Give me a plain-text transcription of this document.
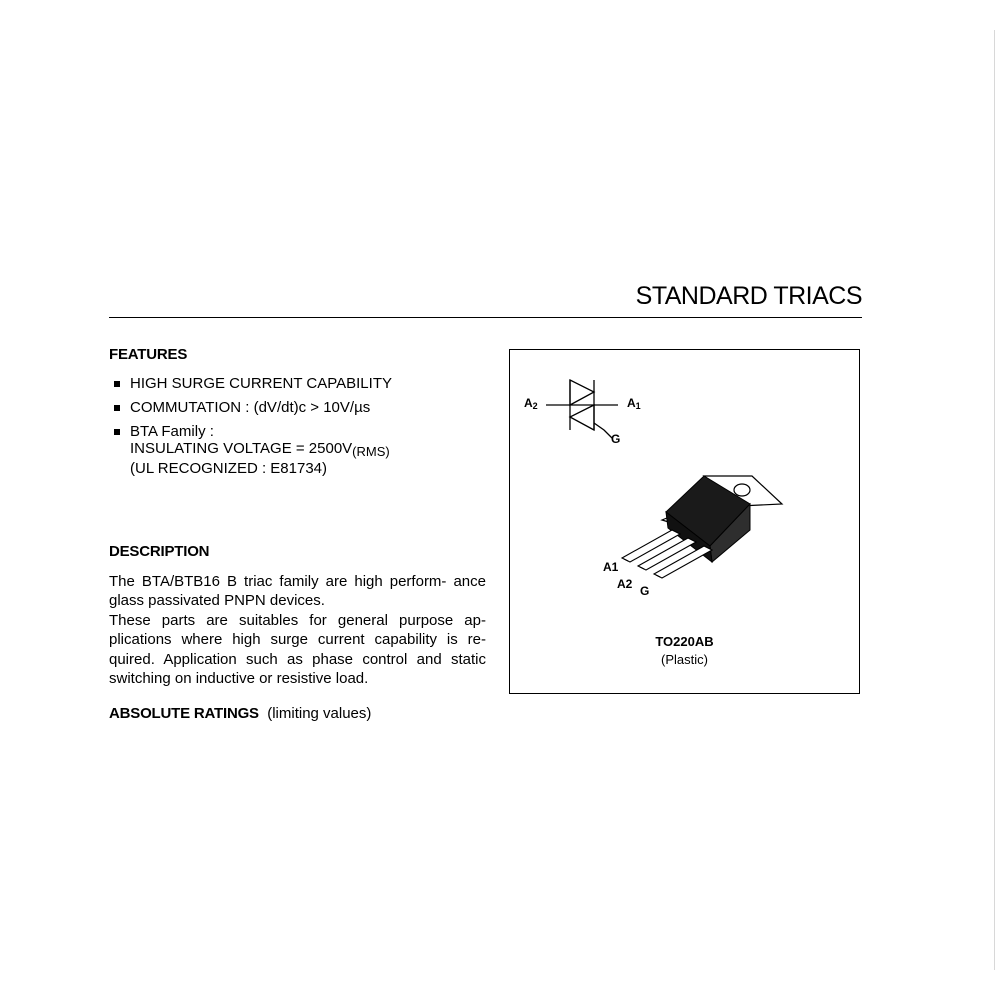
STANDARD TRIACS
FEATURES
HIGH SURGE CURRENT CAPABILITY
COMMUTATION : (dV/dt)c > 10V/µs
BTA Family :
INSULATING VOLTAGE = 2500V(RMS)
(UL RECOGNIZED : E81734)
DESCRIPTION

The BTA/BTB16 B triac family are high perform- ance glass passivated PNPN devices.

These parts are suitables for general purpose ap- plications where high surge current capability is re- quired. Application such as phase control and static switching on inductive or resistive load.

ABSOLUTE RATINGS (limiting values)
A2	A1
G
A1
A2 G
TO220AB
(Plastic)
